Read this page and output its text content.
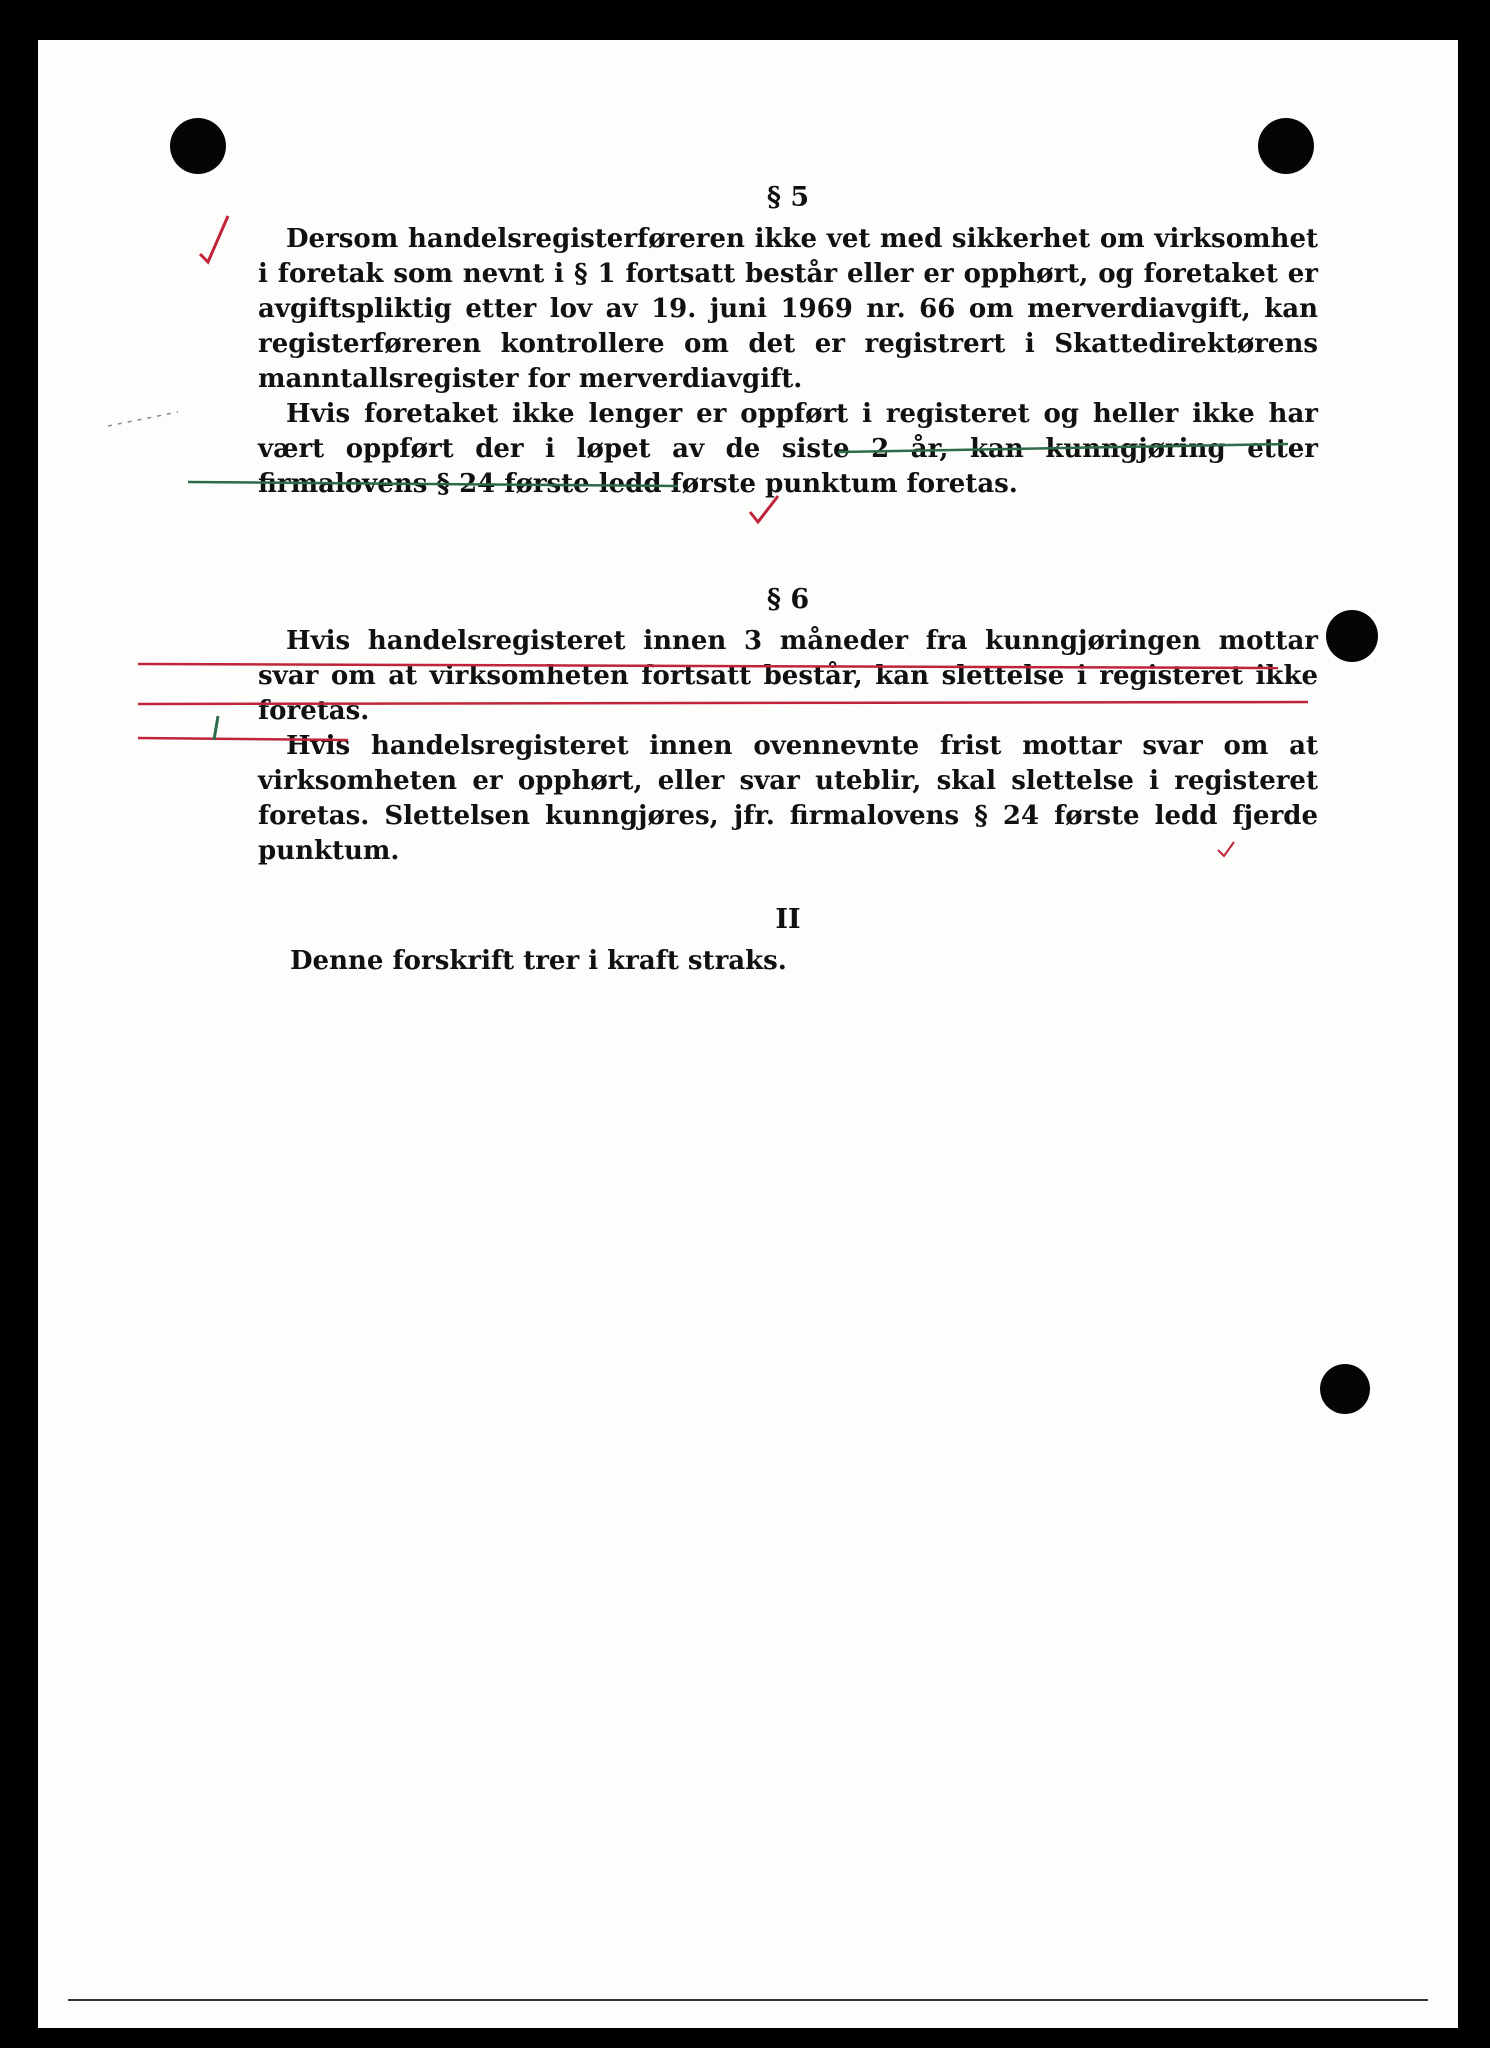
§ 5

Dersom handelsregisterføreren ikke vet med sikkerhet om virksomhet i foretak som nevnt i § 1 fortsatt består eller er opphørt, og foretaket er avgiftspliktig etter lov av 19. juni 1969 nr. 66 om merverdiavgift, kan registerføreren kontrollere om det er registrert i Skattedirektørens manntallsregister for merverdiavgift.

Hvis foretaket ikke lenger er oppført i registeret og heller ikke har vært oppført der i løpet av de siste 2 år, kan kunngjøring etter firmalovens § 24 første ledd første punktum foretas.

§ 6

Hvis handelsregisteret innen 3 måneder fra kunngjøringen mottar svar om at virksomheten fortsatt består, kan slettelse i registeret ikke foretas.

Hvis handelsregisteret innen ovennevnte frist mottar svar om at virksomheten er opphørt, eller svar uteblir, skal slettelse i registeret foretas. Slettelsen kunngjøres, jfr. firmalovens § 24 første ledd fjerde punktum.

II

Denne forskrift trer i kraft straks.
